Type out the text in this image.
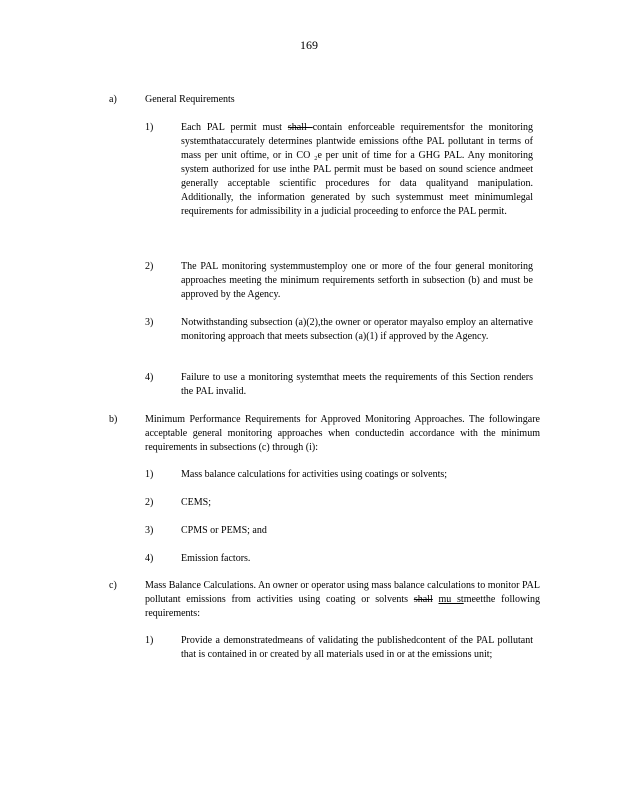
169
a)	General Requirements
1)	Each PAL permit must shall contain enforceable requirementsfor the monitoring systemthataccurately determines plantwide emissions ofthe PAL pollutant in terms of mass per unit oftime, or in CO ₂e per unit of time for a GHG PAL. Any monitoring system authorized for use inthe PAL permit must be based on sound science andmeet generally acceptable scientific procedures for data qualityand manipulation. Additionally, the information generated by such systemmust meet minimumlegal requirements for admissibility in a judicial proceeding to enforce the PAL permit.
2)	The PAL monitoring systemmustemploy one or more of the four general monitoring approaches meeting the minimum requirements setforth in subsection (b) and must be approved by the Agency.
3)	Notwithstanding subsection (a)(2),the owner or operator mayalso employ an alternative monitoring approach that meets subsection (a)(1) if approved by the Agency.
4)	Failure to use a monitoring systemthat meets the requirements of this Section renders the PAL invalid.
b)	Minimum Performance Requirements for Approved Monitoring Approaches. The followingare acceptable general monitoring approaches when conductedin accordance with the minimum requirements in subsections (c) through (i):
1)	Mass balance calculations for activities using coatings or solvents;
2)	CEMS;
3)	CPMS or PEMS; and
4)	Emission factors.
c)	Mass Balance Calculations. An owner or operator using mass balance calculations to monitor PAL pollutant emissions from activities using coating or solvents shall mu stmeetthe following requirements:
1)	Provide a demonstratedmeans of validating the publishedcontent of the PAL pollutant that is contained in or created by all materials used in or at the emissions unit;
